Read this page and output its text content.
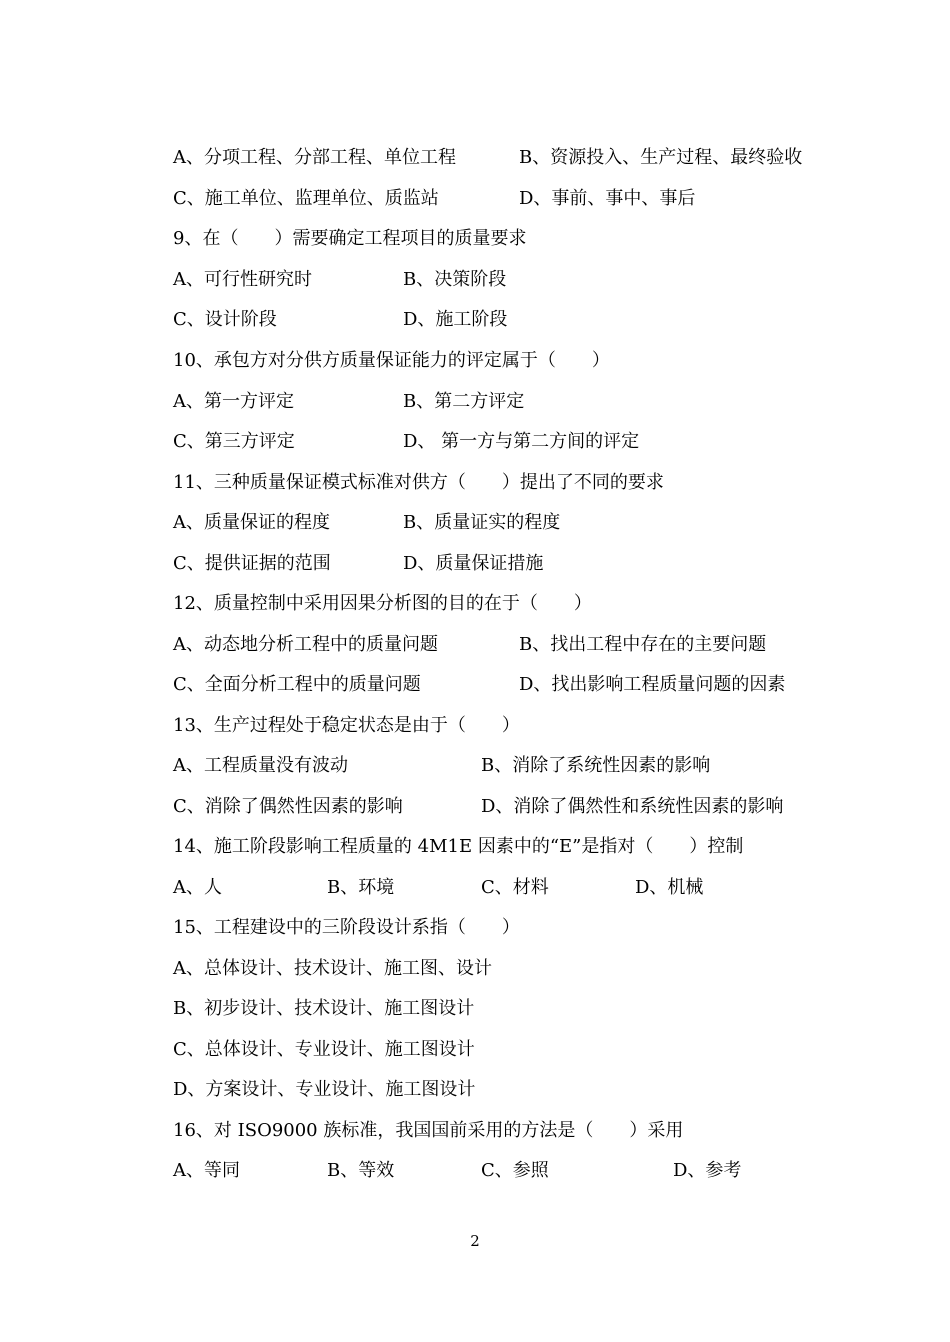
A、分项工程、分部工程、单位工程	B、资源投入、生产过程、最终验收
C、施工单位、监理单位、质监站	D、事前、事中、事后
9、在（　　）需要确定工程项目的质量要求
A、可行性研究时	B、决策阶段
C、设计阶段	D、施工阶段
10、承包方对分供方质量保证能力的评定属于（　　）
A、第一方评定	B、第二方评定
C、第三方评定	D、 第一方与第二方间的评定
11、三种质量保证模式标准对供方（　　）提出了不同的要求
A、质量保证的程度	B、质量证实的程度
C、提供证据的范围	D、质量保证措施
12、质量控制中采用因果分析图的目的在于（　　）
A、动态地分析工程中的质量问题	B、找出工程中存在的主要问题
C、全面分析工程中的质量问题	D、找出影响工程质量问题的因素
13、生产过程处于稳定状态是由于（　　）
A、工程质量没有波动	B、消除了系统性因素的影响
C、消除了偶然性因素的影响	D、消除了偶然性和系统性因素的影响
14、施工阶段影响工程质量的 4M1E 因素中的“E”是指对（　　）控制
A、人	B、环境	C、材料	D、机械
15、工程建设中的三阶段设计系指（　　）
A、总体设计、技术设计、施工图、设计
B、初步设计、技术设计、施工图设计
C、总体设计、专业设计、施工图设计
D、方案设计、专业设计、施工图设计
16、对 ISO9000 族标准，我国国前采用的方法是（　　）采用
A、等同	B、等效	C、参照	D、参考
2
